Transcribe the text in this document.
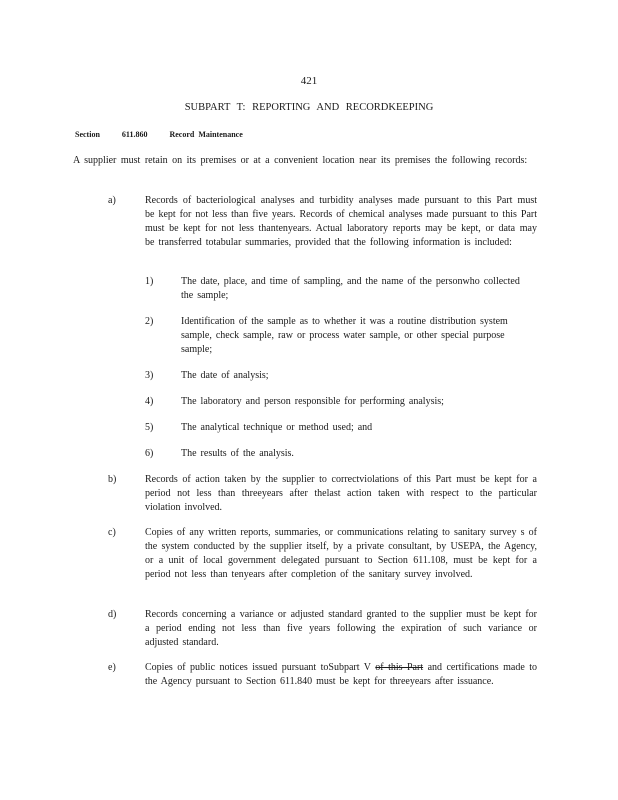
421
SUBPART T: REPORTING AND RECORDKEEPING
Section	611.860	Record Maintenance
A supplier must retain on its premises or at a convenient location near its premises the following records:
a)	Records of bacteriological analyses and turbidity analyses made pursuant to this Part must be kept for not less than five years. Records of chemical analyses made pursuant to this Part must be kept for not less thantenyears. Actual laboratory reports may be kept, or data may be transferred totabular summaries, provided that the following information is included:
1)	The date, place, and time of sampling, and the name of the personwho collected the sample;
2)	Identification of the sample as to whether it was a routine distribution system sample, check sample, raw or process water sample, or other special purpose sample;
3)	The date of analysis;
4)	The laboratory and person responsible for performing analysis;
5)	The analytical technique or method used; and
6)	The results of the analysis.
b)	Records of action taken by the supplier to correctviolations of this Part must be kept for a period not less than threeyears after thelast action taken with respect to the particular violation involved.
c)	Copies of any written reports, summaries, or communications relating to sanitary survey s of the system conducted by the supplier itself, by a private consultant, by USEPA, the Agency, or a unit of local government delegated pursuant to Section 611.108, must be kept for a period not less than tenyears after completion of the sanitary survey involved.
d)	Records concerning a variance or adjusted standard granted to the supplier must be kept for a period ending not less than five years following the expiration of such variance or adjusted standard.
e)	Copies of public notices issued pursuant toSubpart V of this Part and certifications made to the Agency pursuant to Section 611.840 must be kept for threeyears after issuance.
